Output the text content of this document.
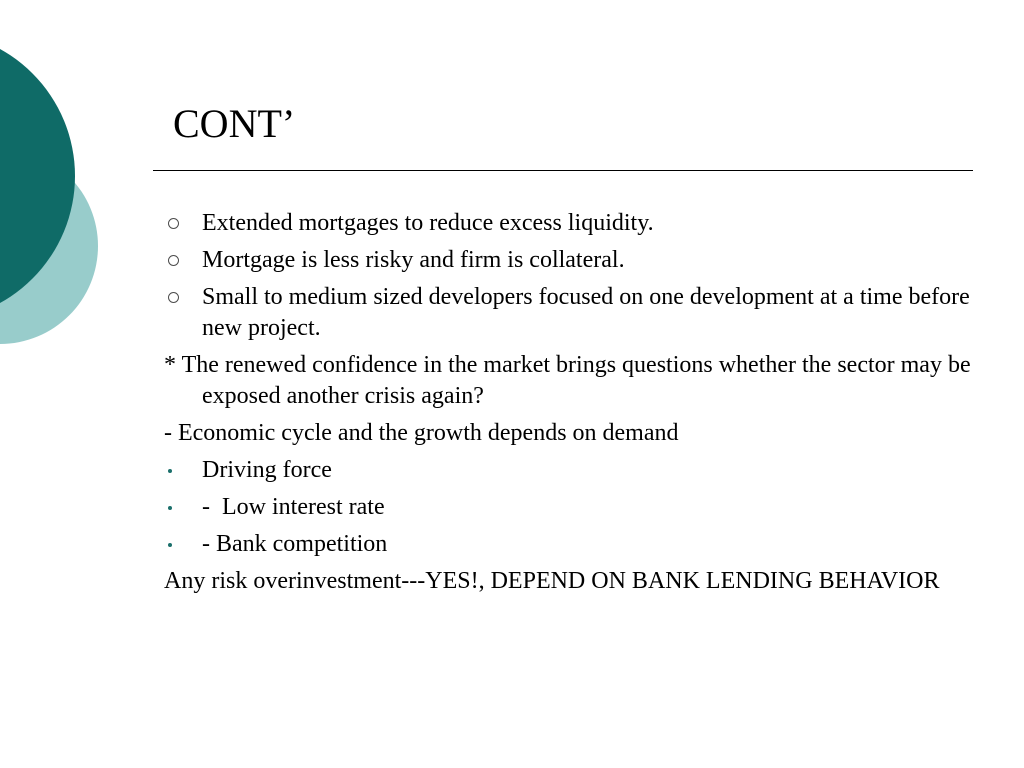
CONT’
Extended mortgages to reduce excess liquidity.
Mortgage is less risky and firm is collateral.
Small to medium sized developers focused on one development at a time before new project.
* The renewed confidence in the market brings questions whether the sector may be exposed another crisis again?
- Economic cycle and the growth depends on demand
Driving force
-  Low interest rate
- Bank competition
Any risk overinvestment---YES!, DEPEND ON BANK LENDING BEHAVIOR
